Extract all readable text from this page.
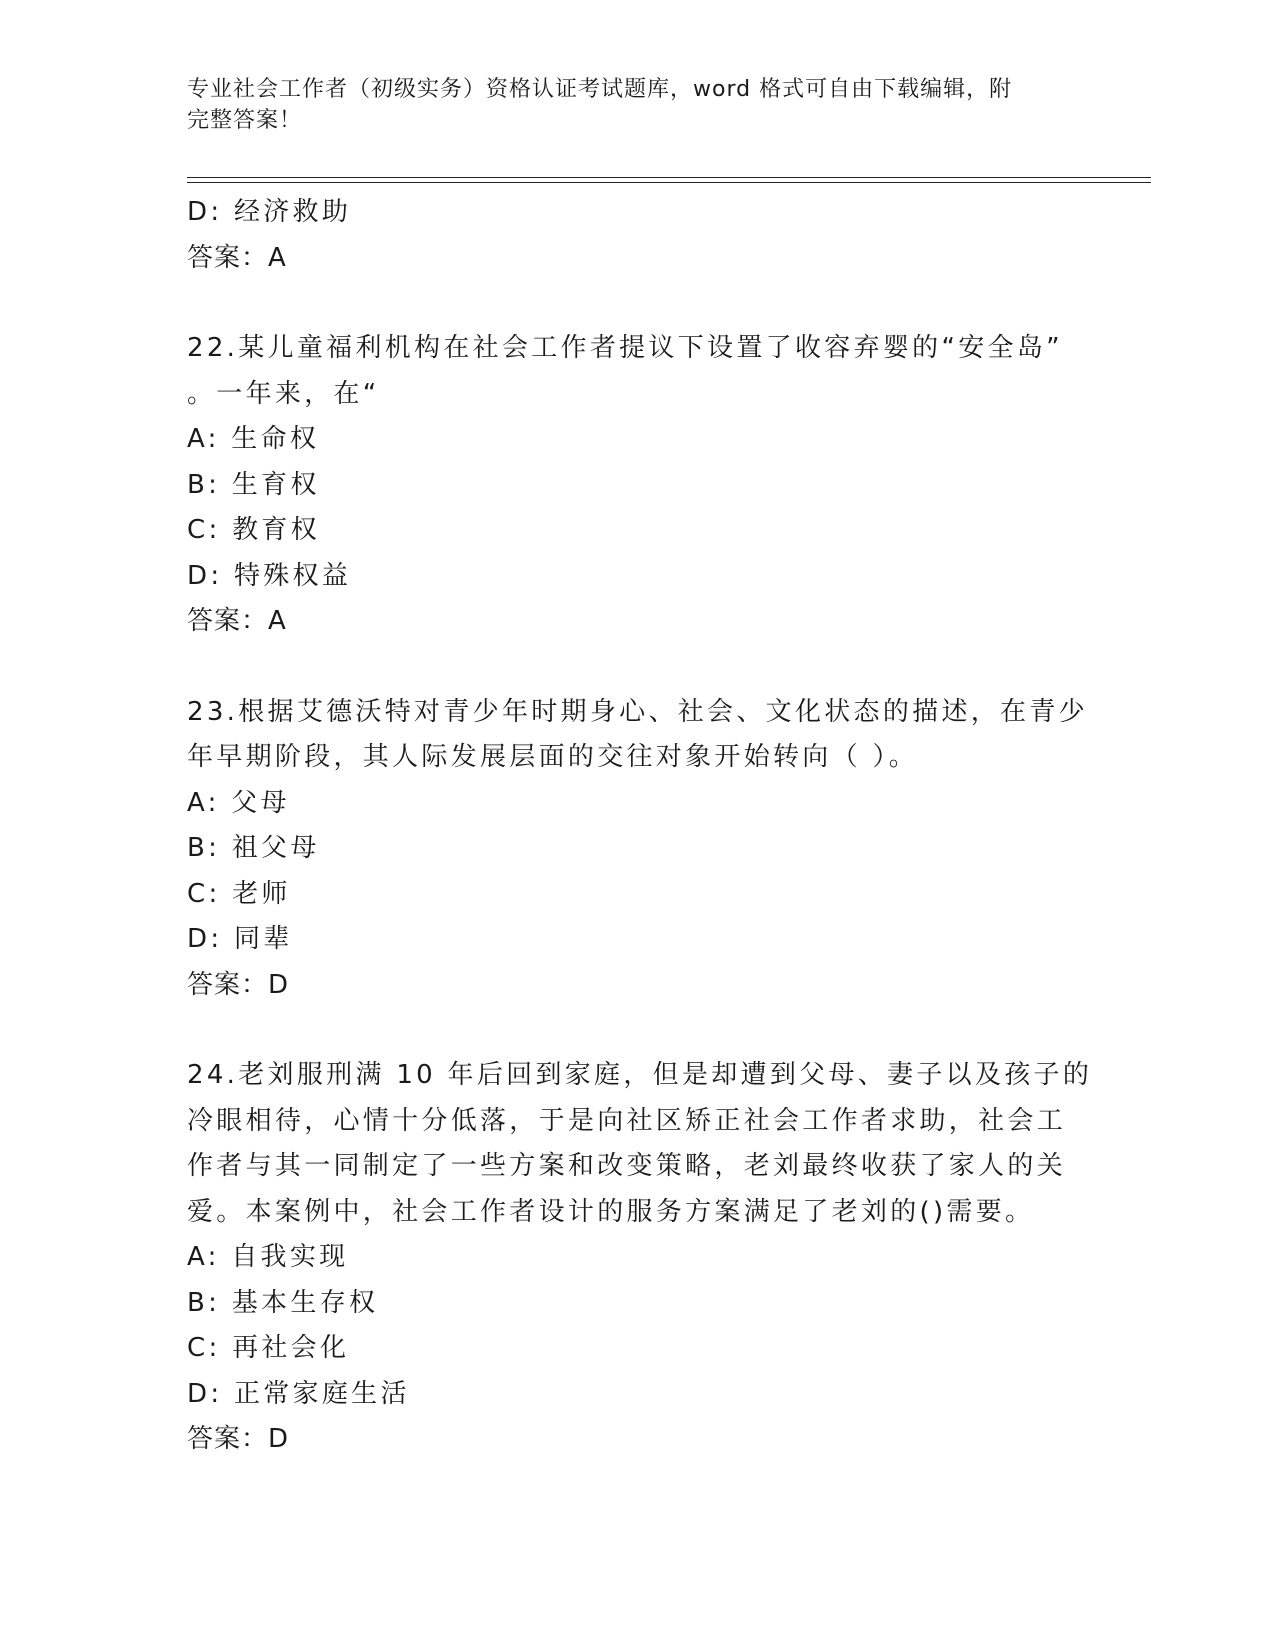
专业社会工作者（初级实务）资格认证考试题库，word 格式可自由下载编辑，附
完整答案！
D: 经济救助
答案：A
22.某儿童福利机构在社会工作者提议下设置了收容弃婴的“安全岛”
。一年来，在“
A: 生命权
B: 生育权
C: 教育权
D: 特殊权益
答案：A
23.根据艾德沃特对青少年时期身心、社会、文化状态的描述，在青少
年早期阶段，其人际发展层面的交往对象开始转向（ ）。
A: 父母
B: 祖父母
C: 老师
D: 同辈
答案：D
24.老刘服刑满 10 年后回到家庭，但是却遭到父母、妻子以及孩子的
冷眼相待，心情十分低落，于是向社区矫正社会工作者求助，社会工
作者与其一同制定了一些方案和改变策略，老刘最终收获了家人的关
爱。本案例中，社会工作者设计的服务方案满足了老刘的()需要。
A: 自我实现
B: 基本生存权
C: 再社会化
D: 正常家庭生活
答案：D
